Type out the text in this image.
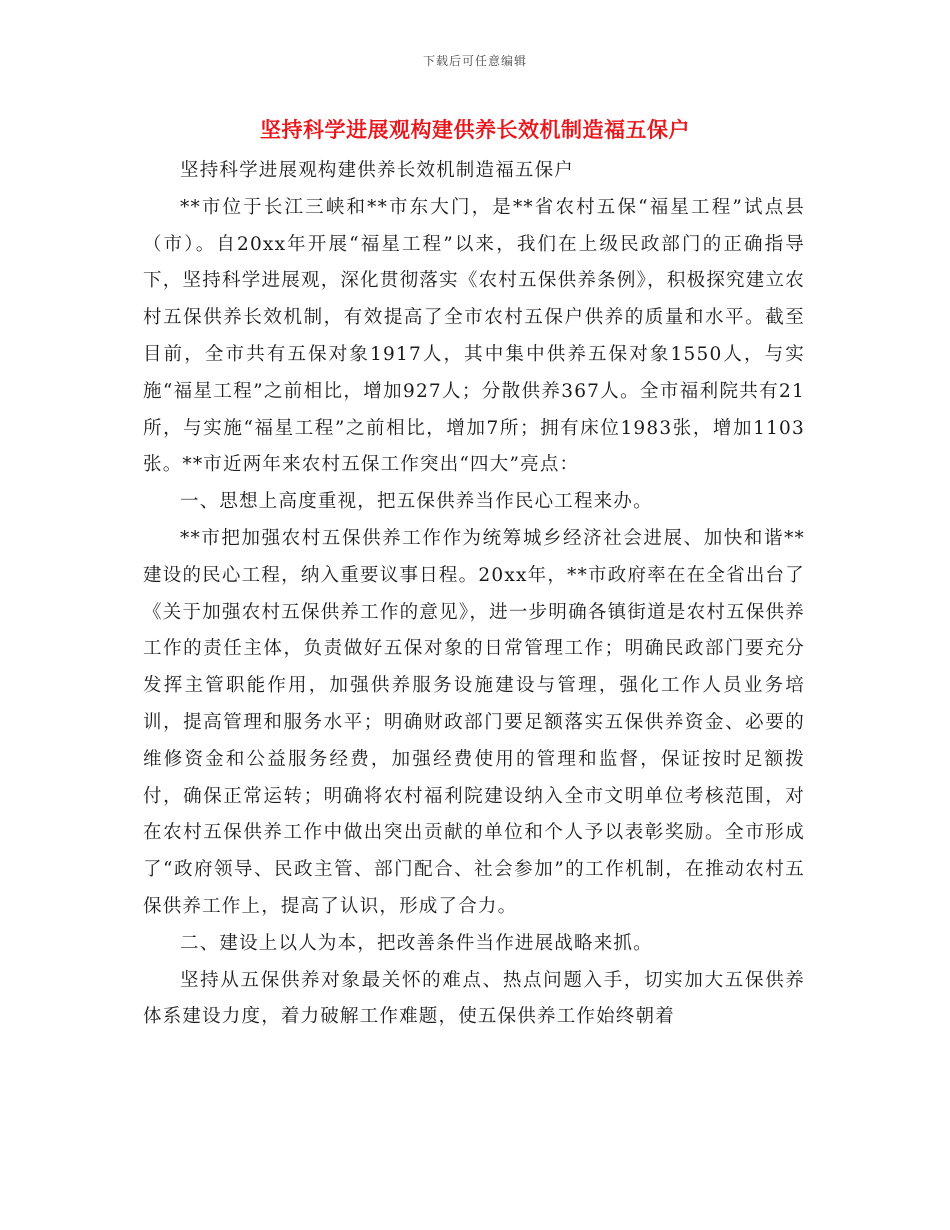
下载后可任意编辑
坚持科学进展观构建供养长效机制造福五保户

坚持科学进展观构建供养长效机制造福五保户

**市位于长江三峡和**市东大门，是**省农村五保“福星工程”试点县（市）。自20xx年开展“福星工程”以来，我们在上级民政部门的正确指导下，坚持科学进展观，深化贯彻落实《农村五保供养条例》，积极探究建立农村五保供养长效机制，有效提高了全市农村五保户供养的质量和水平。截至目前，全市共有五保对象1917人，其中集中供养五保对象1550人，与实施“福星工程”之前相比，增加927人；分散供养367人。全市福利院共有21所，与实施“福星工程”之前相比，增加7所；拥有床位1983张，增加1103张。**市近两年来农村五保工作突出“四大”亮点：

一、思想上高度重视，把五保供养当作民心工程来办。

**市把加强农村五保供养工作作为统筹城乡经济社会进展、加快和谐**建设的民心工程，纳入重要议事日程。20xx年，**市政府率在在全省出台了《关于加强农村五保供养工作的意见》，进一步明确各镇街道是农村五保供养工作的责任主体，负责做好五保对象的日常管理工作；明确民政部门要充分发挥主管职能作用，加强供养服务设施建设与管理，强化工作人员业务培训，提高管理和服务水平；明确财政部门要足额落实五保供养资金、必要的维修资金和公益服务经费，加强经费使用的管理和监督，保证按时足额拨付，确保正常运转；明确将农村福利院建设纳入全市文明单位考核范围，对在农村五保供养工作中做出突出贡献的单位和个人予以表彰奖励。全市形成了“政府领导、民政主管、部门配合、社会参加”的工作机制，在推动农村五保供养工作上，提高了认识，形成了合力。

二、建设上以人为本，把改善条件当作进展战略来抓。

坚持从五保供养对象最关怀的难点、热点问题入手，切实加大五保供养体系建设力度，着力破解工作难题，使五保供养工作始终朝着
